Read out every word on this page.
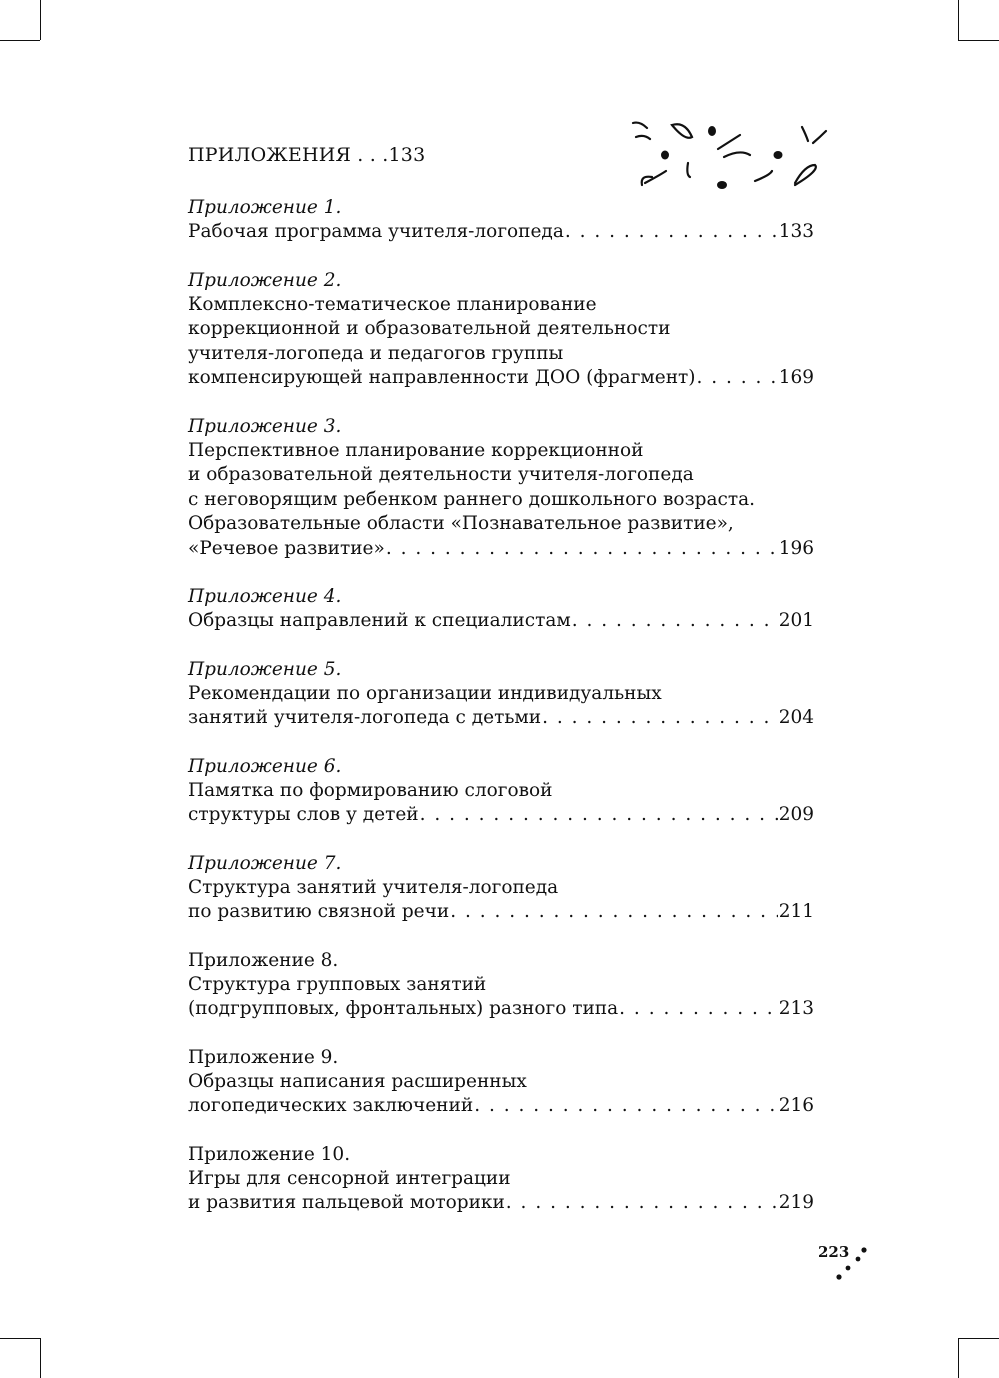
ПРИЛОЖЕНИЯ . . .133
Приложение 1.
Рабочая программа учителя-логопеда . . .	133
Приложение 2.
Комплексно-тематическое планирование
коррекционной и образовательной деятельности
учителя-логопеда и педагогов группы
компенсирующей направленности ДОО (фрагмент) . . .	169
Приложение 3.
Перспективное планирование коррекционной
и образовательной деятельности учителя-логопеда
с неговорящим ребенком раннего дошкольного возраста.
Образовательные области «Познавательное развитие»,
«Речевое развитие» . . .	196
Приложение 4.
Образцы направлений к специалистам . . .	201
Приложение 5.
Рекомендации по организации индивидуальных
занятий учителя-логопеда с детьми . . .	204
Приложение 6.
Памятка по формированию слоговой
структуры слов у детей . . .	209
Приложение 7.
Структура занятий учителя-логопеда
по развитию связной речи . . .	211
Приложение 8.
Структура групповых занятий
(подгрупповых, фронтальных) разного типа . . .	213
Приложение 9.
Образцы написания расширенных
логопедических заключений . . .	216
Приложение 10.
Игры для сенсорной интеграции
и развития пальцевой моторики . . .	219
223
